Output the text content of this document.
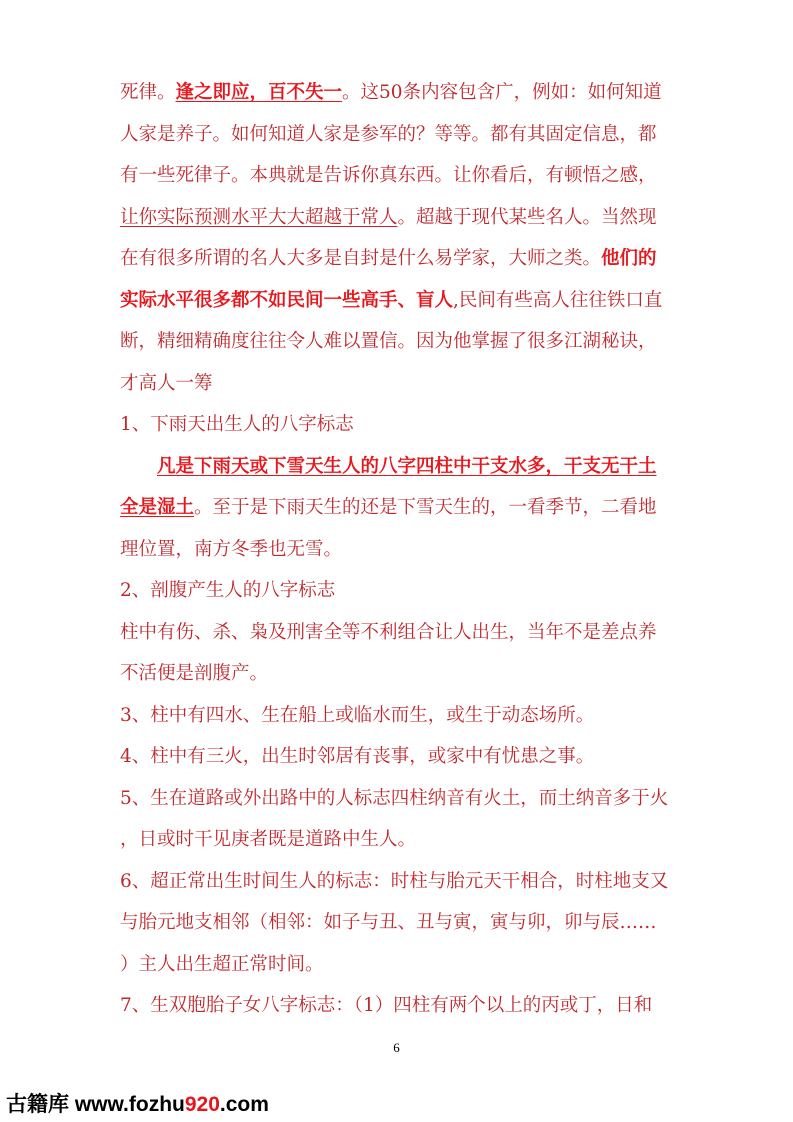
死律。逢之即应，百不失一。这50条内容包含广，例如：如何知道
人家是养子。如何知道人家是参军的？等等。都有其固定信息，都
有一些死律子。本典就是告诉你真东西。让你看后，有顿悟之感，
让你实际预测水平大大超越于常人。超越于现代某些名人。当然现
在有很多所谓的名人大多是自封是什么易学家，大师之类。他们的
实际水平很多都不如民间一些高手、盲人,民间有些高人往往铁口直
断，精细精确度往往令人难以置信。因为他掌握了很多江湖秘诀，
才高人一筹
1、下雨天出生人的八字标志
凡是下雨天或下雪天生人的八字四柱中干支水多，干支无干土
全是湿土。至于是下雨天生的还是下雪天生的，一看季节，二看地
理位置，南方冬季也无雪。
2、剖腹产生人的八字标志
柱中有伤、杀、枭及刑害全等不利组合让人出生，当年不是差点养
不活便是剖腹产。
3、柱中有四水、生在船上或临水而生，或生于动态场所。
4、柱中有三火，出生时邻居有丧事，或家中有忧患之事。
5、生在道路或外出路中的人标志四柱纳音有火土，而土纳音多于火
，日或时干见庚者既是道路中生人。
6、超正常出生时间生人的标志：时柱与胎元天干相合，时柱地支又
与胎元地支相邻（相邻：如子与丑、丑与寅，寅与卯，卯与辰……
）主人出生超正常时间。
7、生双胞胎子女八字标志：（1）四柱有两个以上的丙或丁，日和
6
古籍库 www.fozhu920.com
